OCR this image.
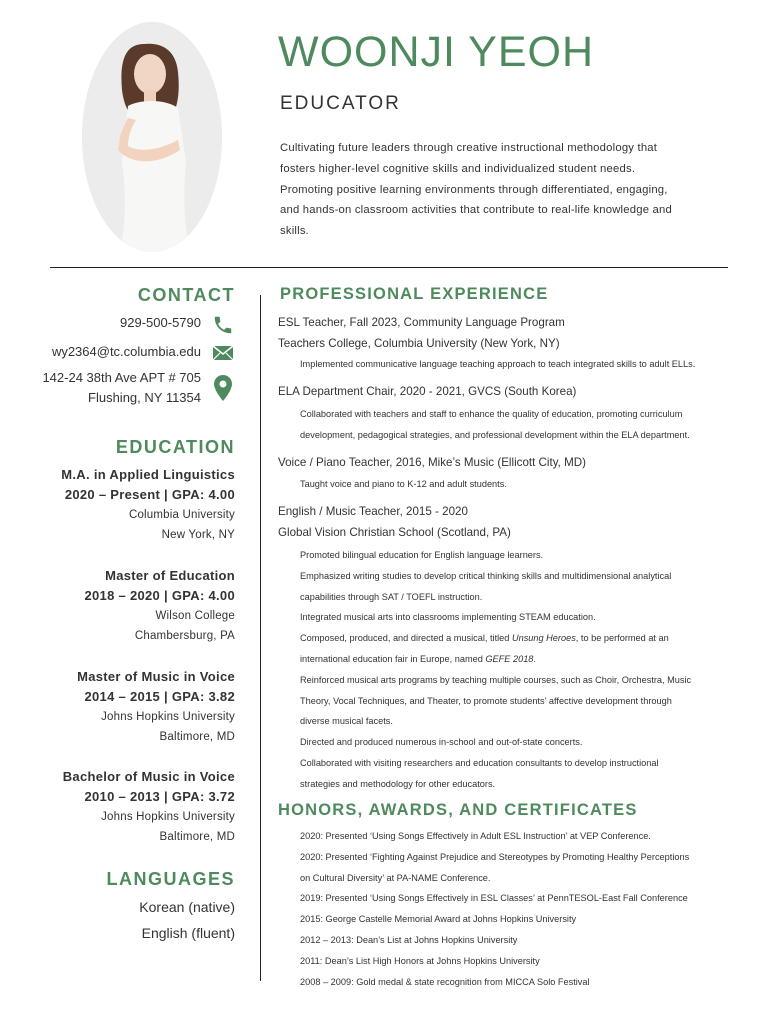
WOONJI YEOH
EDUCATOR
Cultivating future leaders through creative instructional methodology that fosters higher-level cognitive skills and individualized student needs. Promoting positive learning environments through differentiated, engaging, and hands-on classroom activities that contribute to real-life knowledge and skills.
CONTACT
929-500-5790
wy2364@tc.columbia.edu
142-24 38th Ave APT # 705
Flushing, NY 11354
EDUCATION
M.A. in Applied Linguistics
2020 – Present | GPA: 4.00
Columbia University
New York, NY
Master of Education
2018 – 2020 | GPA: 4.00
Wilson College
Chambersburg, PA
Master of Music in Voice
2014 – 2015 | GPA: 3.82
Johns Hopkins University
Baltimore, MD
Bachelor of Music in Voice
2010 – 2013 | GPA: 3.72
Johns Hopkins University
Baltimore, MD
LANGUAGES
Korean (native)
English (fluent)
PROFESSIONAL EXPERIENCE
ESL Teacher, Fall 2023, Community Language Program
Teachers College, Columbia University (New York, NY)
Implemented communicative language teaching approach to teach integrated skills to adult ELLs.
ELA Department Chair, 2020 - 2021, GVCS (South Korea)
Collaborated with teachers and staff to enhance the quality of education, promoting curriculum
development, pedagogical strategies, and professional development within the ELA department.
Voice / Piano Teacher, 2016, Mike’s Music (Ellicott City, MD)
Taught voice and piano to K-12 and adult students.
English / Music Teacher, 2015 - 2020
Global Vision Christian School (Scotland, PA)
Promoted bilingual education for English language learners.
Emphasized writing studies to develop critical thinking skills and multidimensional analytical
capabilities through SAT / TOEFL instruction.
Integrated musical arts into classrooms implementing STEAM education.
Composed, produced, and directed a musical, titled Unsung Heroes, to be performed at an
international education fair in Europe, named GEFE 2018.
Reinforced musical arts programs by teaching multiple courses, such as Choir, Orchestra, Music
Theory, Vocal Techniques, and Theater, to promote students’ affective development through
diverse musical facets.
Directed and produced numerous in-school and out-of-state concerts.
Collaborated with visiting researchers and education consultants to develop instructional
strategies and methodology for other educators.
HONORS, AWARDS, AND CERTIFICATES
2020: Presented ‘Using Songs Effectively in Adult ESL Instruction’ at VEP Conference.
2020: Presented ‘Fighting Against Prejudice and Stereotypes by Promoting Healthy Perceptions
on Cultural Diversity’ at PA-NAME Conference.
2019: Presented ‘Using Songs Effectively in ESL Classes’ at PennTESOL-East Fall Conference
2015: George Castelle Memorial Award at Johns Hopkins University
2012 – 2013: Dean’s List at Johns Hopkins University
2011: Dean’s List High Honors at Johns Hopkins University
2008 – 2009: Gold medal & state recognition from MICCA Solo Festival
